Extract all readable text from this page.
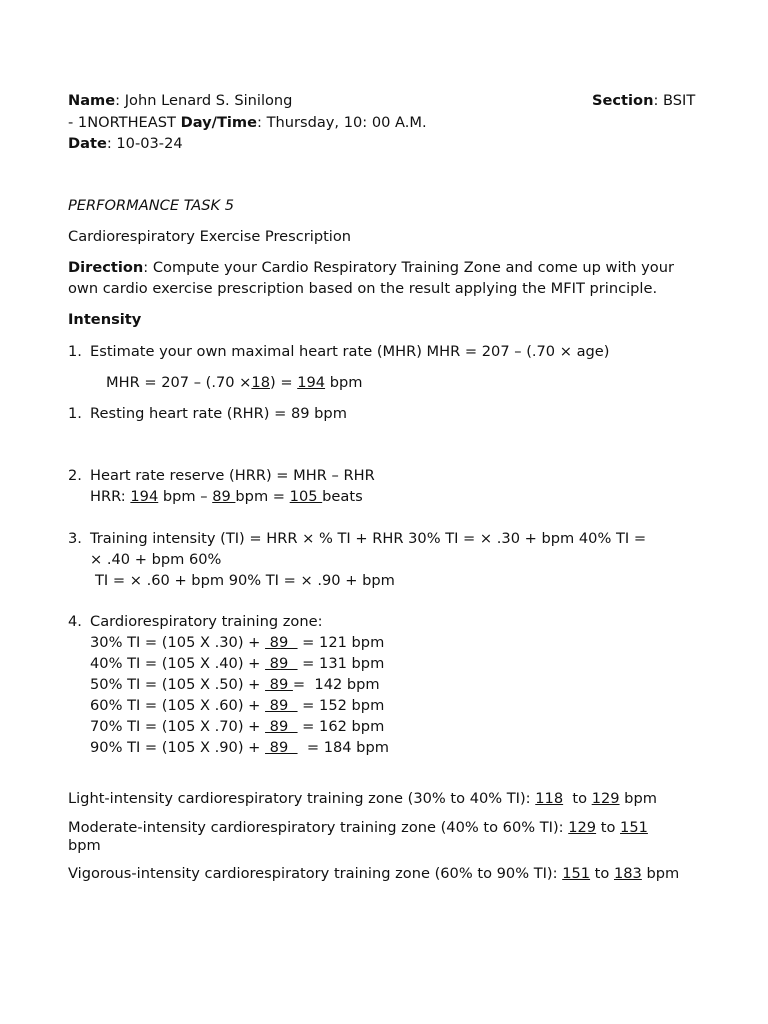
Name: John Lenard S. Sinilong	Section: BSIT
- 1NORTHEAST Day/Time: Thursday, 10: 00 A.M.
Date: 10-03-24
PERFORMANCE TASK 5
Cardiorespiratory Exercise Prescription
Direction: Compute your Cardio Respiratory Training Zone and come up with your
own cardio exercise prescription based on the result applying the MFIT principle.
Intensity
1. Estimate your own maximal heart rate (MHR) MHR = 207 – (.70 × age)
MHR = 207 – (.70 ×18) = 194 bpm
1. Resting heart rate (RHR) = 89 bpm
2. Heart rate reserve (HRR) = MHR – RHR
HRR: 194 bpm – 89 bpm = 105 beats
3. Training intensity (TI) = HRR × % TI + RHR 30% TI = × .30 + bpm 40% TI =
× .40 + bpm 60%
TI = × .60 + bpm 90% TI = × .90 + bpm
4. Cardiorespiratory training zone:
30% TI = (105 X .30) +  89   = 121 bpm
40% TI = (105 X .40) +  89   = 131 bpm
50% TI = (105 X .50) +  89 =  142 bpm
60% TI = (105 X .60) +  89   = 152 bpm
70% TI = (105 X .70) +  89   = 162 bpm
90% TI = (105 X .90) +  89    = 184 bpm
Light-intensity cardiorespiratory training zone (30% to 40% TI): 118  to 129 bpm
Moderate-intensity cardiorespiratory training zone (40% to 60% TI): 129 to 151
bpm
Vigorous-intensity cardiorespiratory training zone (60% to 90% TI): 151 to 183 bpm
